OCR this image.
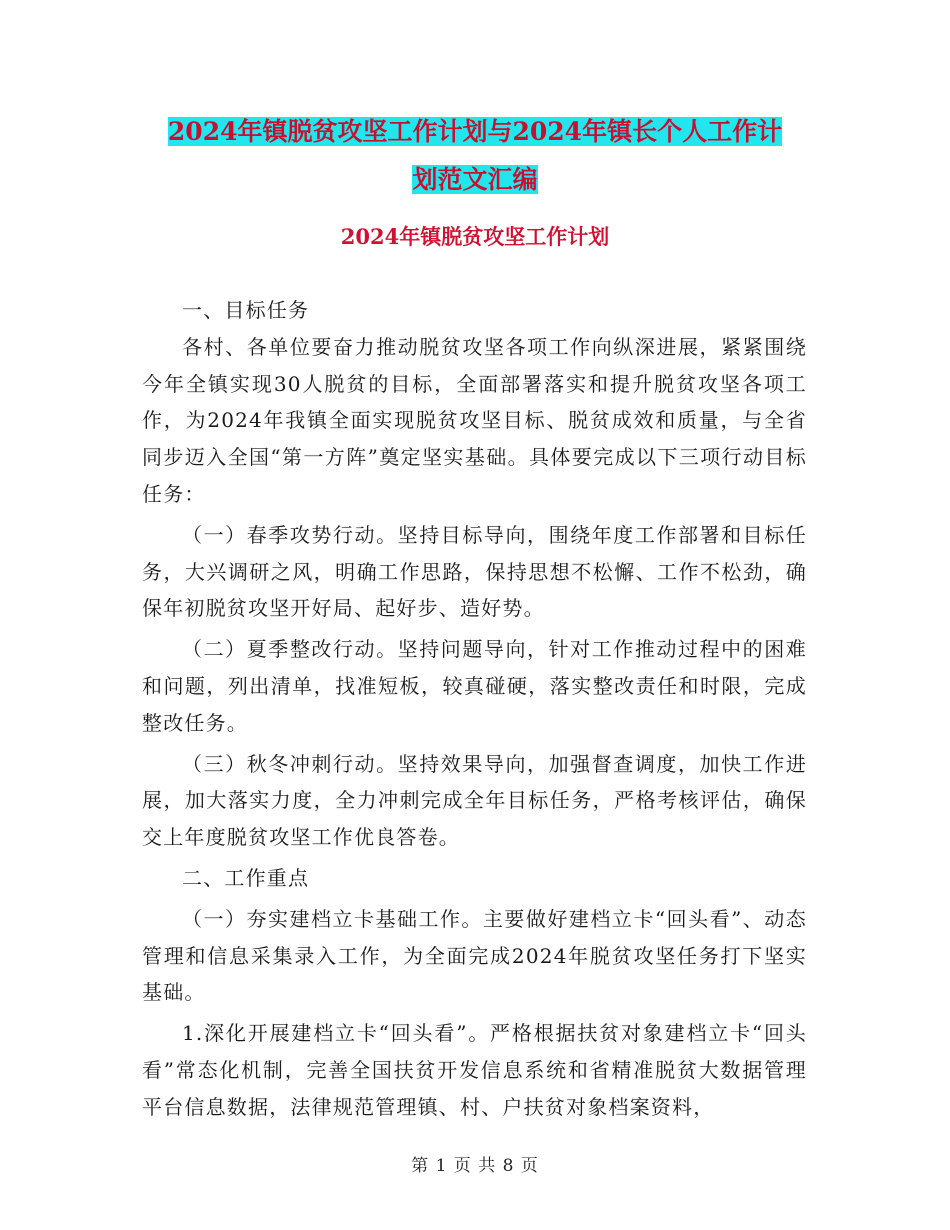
2024年镇脱贫攻坚工作计划与2024年镇长个人工作计
划范文汇编
2024年镇脱贫攻坚工作计划

一、目标任务

各村、各单位要奋力推动脱贫攻坚各项工作向纵深进展，紧紧围绕今年全镇实现30人脱贫的目标，全面部署落实和提升脱贫攻坚各项工作，为2024年我镇全面实现脱贫攻坚目标、脱贫成效和质量，与全省同步迈入全国“第一方阵”奠定坚实基础。具体要完成以下三项行动目标任务：

（一）春季攻势行动。坚持目标导向，围绕年度工作部署和目标任务，大兴调研之风，明确工作思路，保持思想不松懈、工作不松劲，确保年初脱贫攻坚开好局、起好步、造好势。

（二）夏季整改行动。坚持问题导向，针对工作推动过程中的困难和问题，列出清单，找准短板，较真碰硬，落实整改责任和时限，完成整改任务。

（三）秋冬冲刺行动。坚持效果导向，加强督查调度，加快工作进展，加大落实力度，全力冲刺完成全年目标任务，严格考核评估，确保交上年度脱贫攻坚工作优良答卷。

二、工作重点

（一）夯实建档立卡基础工作。主要做好建档立卡“回头看”、动态管理和信息采集录入工作，为全面完成2024年脱贫攻坚任务打下坚实基础。

1.深化开展建档立卡“回头看”。严格根据扶贫对象建档立卡“回头看”常态化机制，完善全国扶贫开发信息系统和省精准脱贫大数据管理平台信息数据，法律规范管理镇、村、户扶贫对象档案资料，

第 1 页 共 8 页
